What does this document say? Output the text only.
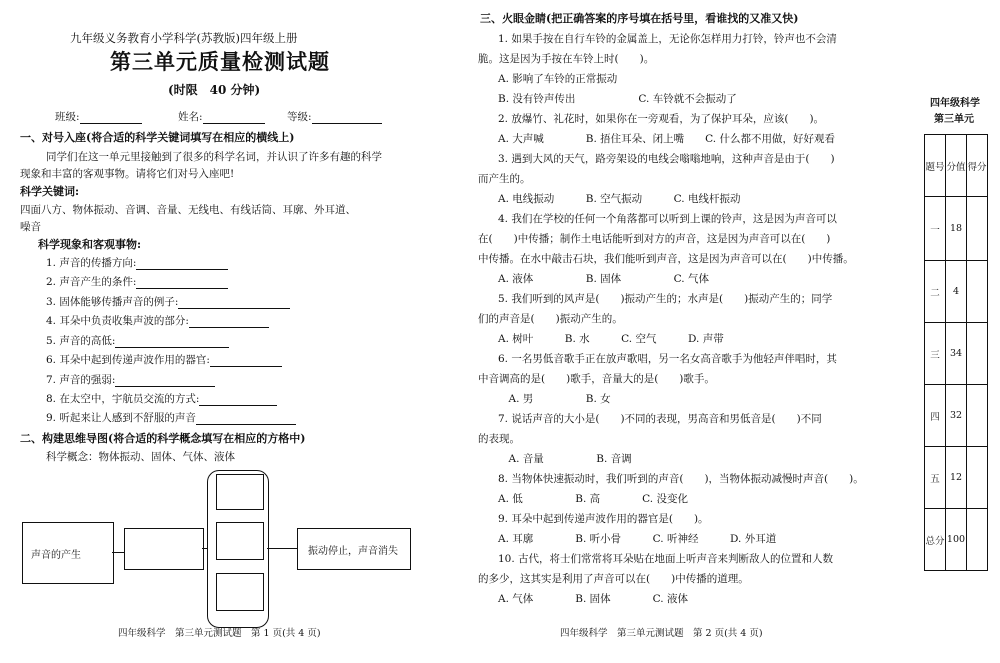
九年级义务教育小学科学(苏教版)四年级上册
第三单元质量检测试题
(时限　40 分钟)
班级:	姓名:	等级:
一、对号入座(将合适的科学关键词填写在相应的横线上)
同学们在这一单元里接触到了很多的科学名词，并认识了许多有趣的科学
现象和丰富的客观事物。请将它们对号入座吧!
科学关键词:
四面八方、物体振动、音调、音量、无线电、有线话筒、耳廓、外耳道、
噪音
科学现象和客观事物:
1. 声音的传播方向:
2. 声音产生的条件:
3. 固体能够传播声音的例子:
4. 耳朵中负责收集声波的部分:
5. 声音的高低:
6. 耳朵中起到传递声波作用的器官:
7. 声音的强弱:
8. 在太空中，宇航员交流的方式:
9. 听起来让人感到不舒服的声音
二、构建思维导图(将合适的科学概念填写在相应的方格中)
科学概念：物体振动、固体、气体、液体
声音的产生	振动停止，声音消失
四年级科学　第三单元测试题　第 1 页(共 4 页)
三、火眼金睛(把正确答案的序号填在括号里，看谁找的又准又快)
1. 如果手按在自行车铃的金属盖上，无论你怎样用力打铃，铃声也不会清
脆。这是因为手按在车铃上时(　　)。
A. 影响了车铃的正常振动
B. 没有铃声传出　　　　　　C. 车铃就不会振动了
2. 放爆竹、礼花时，如果你在一旁观看，为了保护耳朵，应该(　　)。
A. 大声喊　　　　B. 捂住耳朵、闭上嘴　　C. 什么都不用做，好好观看
3. 遇到大风的天气，路旁架设的电线会嗡嗡地响，这种声音是由于(　　)
而产生的。
A. 电线振动　　　B. 空气振动　　　C. 电线杆振动
4. 我们在学校的任何一个角落都可以听到上课的铃声，这是因为声音可以
在(　　)中传播；制作土电话能听到对方的声音，这是因为声音可以在(　　)
中传播。在水中敲击石块，我们能听到声音，这是因为声音可以在(　　)中传播。
A. 液体　　　　　B. 固体　　　　　C. 气体
5. 我们听到的风声是(　　)振动产生的；水声是(　　)振动产生的；同学
们的声音是(　　)振动产生的。
A. 树叶　　　B. 水　　　C. 空气　　　D. 声带
6. 一名男低音歌手正在放声歌唱，另一名女高音歌手为他轻声伴唱时，其
中音调高的是(　　)歌手，音量大的是(　　)歌手。
　A. 男　　　　　B. 女
7. 说话声音的大小是(　　)不同的表现，男高音和男低音是(　　)不同
的表现。
　A. 音量　　　　　B. 音调
8. 当物体快速振动时，我们听到的声音(　　)，当物体振动减慢时声音(　　)。
A. 低　　　　　B. 高　　　　C. 没变化
9. 耳朵中起到传递声波作用的器官是(　　)。
A. 耳廓　　　　B. 听小骨　　　C. 听神经　　　D. 外耳道
10. 古代，将士们常常将耳朵贴在地面上听声音来判断敌人的位置和人数
的多少，这其实是利用了声音可以在(　　)中传播的道理。
A. 气体　　　　B. 固体　　　　C. 液体
四年级科学　第三单元测试题　第 2 页(共 4 页)
四年级科学
第三单元
题号	分值	得分
一	18	
二	4	
三	34	
四	32	
五	12	
总分	100	
